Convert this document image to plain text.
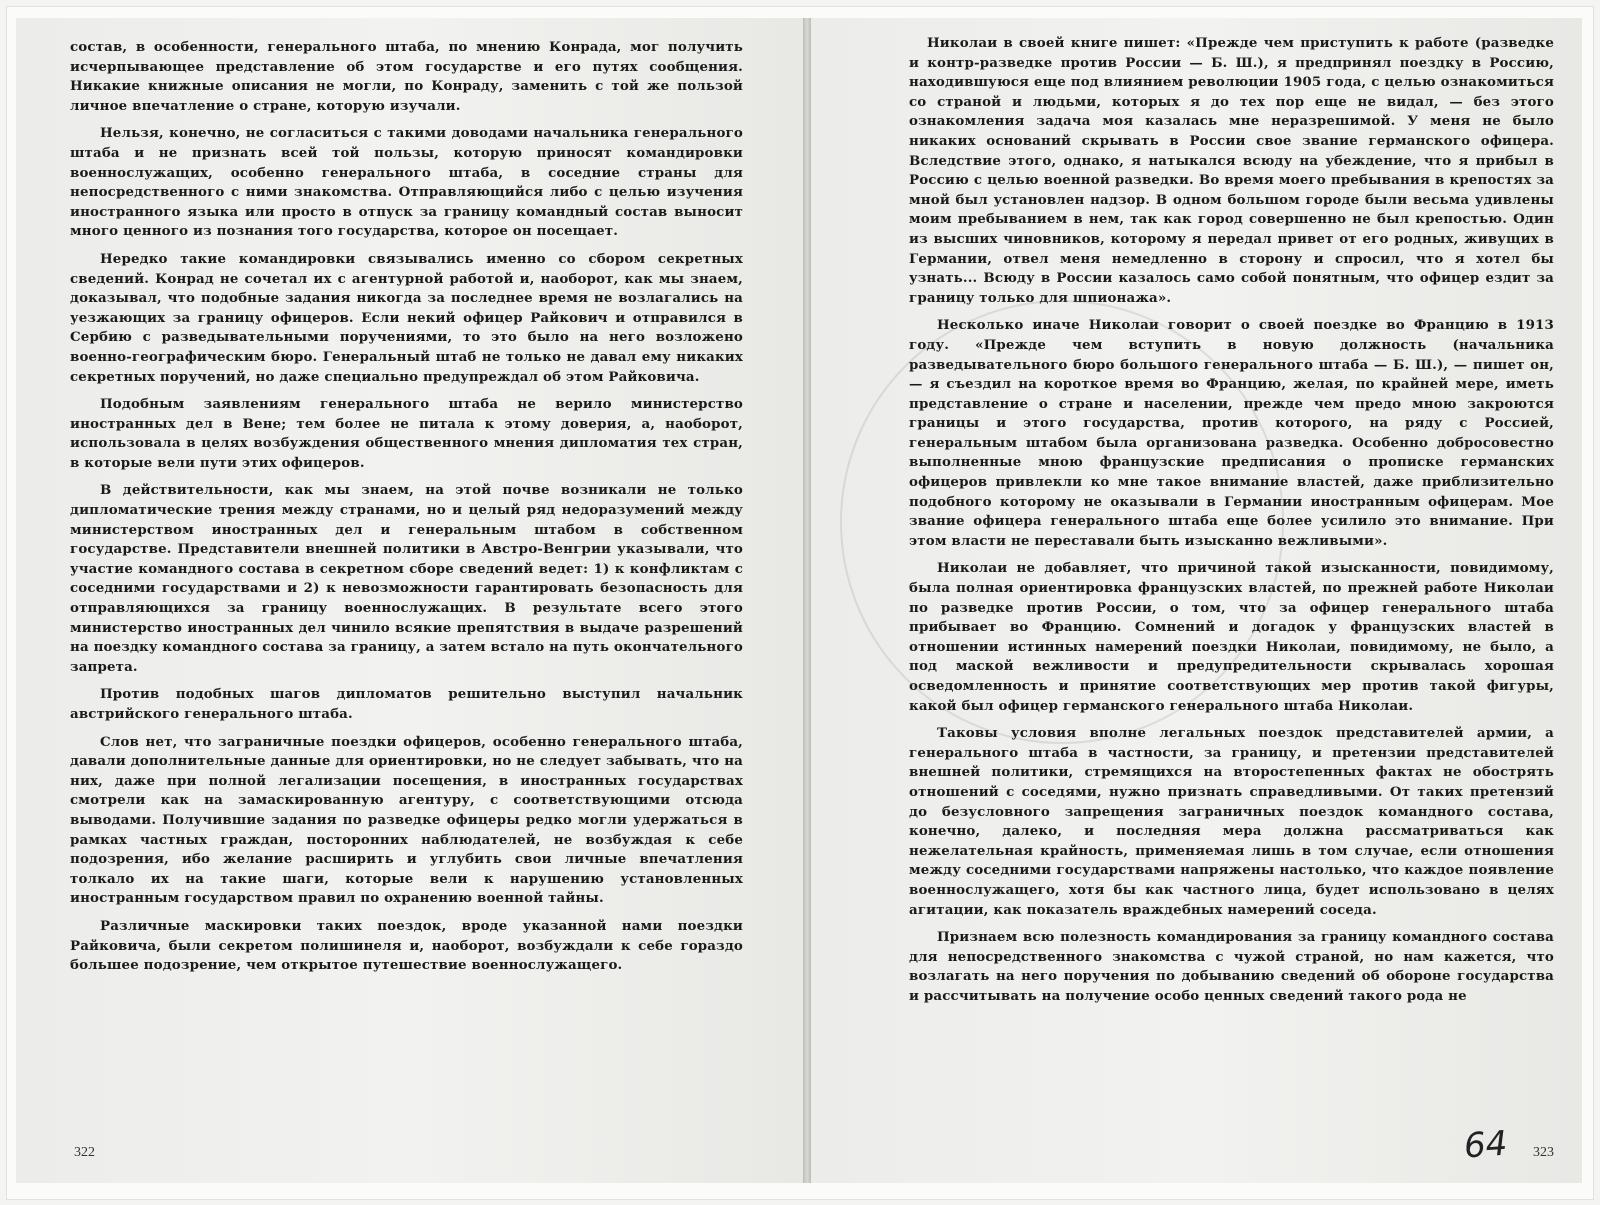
состав, в особенности, генерального штаба, по мнению Конрада, мог получить исчерпывающее представление об этом государстве и его путях сообщения. Никакие книжные описания не могли, по Конраду, заменить с той же пользой личное впечатление о стране, которую изучали.

Нельзя, конечно, не согласиться с такими доводами начальника генерального штаба и не признать всей той пользы, которую приносят командировки военнослужащих, особенно генерального штаба, в соседние страны для непосредственного с ними знакомства. Отправляющийся либо с целью изучения иностранного языка или просто в отпуск за границу командный состав выносит много ценного из познания того государства, которое он посещает.

Нередко такие командировки связывались именно со сбором секретных сведений. Конрад не сочетал их с агентурной работой и, наоборот, как мы знаем, доказывал, что подобные задания никогда за последнее время не возлагались на уезжающих за границу офицеров. Если некий офицер Райкович и отправился в Сербию с разведывательными поручениями, то это было на него возложено военно-географическим бюро. Генеральный штаб не только не давал ему никаких секретных поручений, но даже специально предупреждал об этом Райковича.

Подобным заявлениям генерального штаба не верило министерство иностранных дел в Вене; тем более не питала к этому доверия, а, наоборот, использовала в целях возбуждения общественного мнения дипломатия тех стран, в которые вели пути этих офицеров.

В действительности, как мы знаем, на этой почве возникали не только дипломатические трения между странами, но и целый ряд недоразумений между министерством иностранных дел и генеральным штабом в собственном государстве. Представители внешней политики в Австро-Венгрии указывали, что участие командного состава в секретном сборе сведений ведет: 1) к конфликтам с соседними государствами и 2) к невозможности гарантировать безопасность для отправляющихся за границу военнослужащих. В результате всего этого министерство иностранных дел чинило всякие препятствия в выдаче разрешений на поездку командного состава за границу, а затем встало на путь окончательного запрета.

Против подобных шагов дипломатов решительно выступил начальник австрийского генерального штаба.

Слов нет, что заграничные поездки офицеров, особенно генерального штаба, давали дополнительные данные для ориентировки, но не следует забывать, что на них, даже при полной легализации посещения, в иностранных государствах смотрели как на замаскированную агентуру, с соответствующими отсюда выводами. Получившие задания по разведке офицеры редко могли удержаться в рамках частных граждан, посторонних наблюдателей, не возбуждая к себе подозрения, ибо желание расширить и углубить свои личные впечатления толкало их на такие шаги, которые вели к нарушению установленных иностранным государством правил по охранению военной тайны.

Различные маскировки таких поездок, вроде указанной нами поездки Райковича, были секретом полишинеля и, наоборот, возбуждали к себе гораздо большее подозрение, чем открытое путешествие военнослужащего.

322

Николаи в своей книге пишет: «Прежде чем приступить к работе (разведке и контр-разведке против России — Б. Ш.), я предпринял поездку в Россию, находившуюся еще под влиянием революции 1905 года, с целью ознакомиться со страной и людьми, которых я до тех пор еще не видал, — без этого ознакомления задача моя казалась мне неразрешимой. У меня не было никаких оснований скрывать в России свое звание германского офицера. Вследствие этого, однако, я натыкался всюду на убеждение, что я прибыл в Россию с целью военной разведки. Во время моего пребывания в крепостях за мной был установлен надзор. В одном большом городе были весьма удивлены моим пребыванием в нем, так как город совершенно не был крепостью. Один из высших чиновников, которому я передал привет от его родных, живущих в Германии, отвел меня немедленно в сторону и спросил, что я хотел бы узнать... Всюду в России казалось само собой понятным, что офицер ездит за границу только для шпионажа».

Несколько иначе Николаи говорит о своей поездке во Францию в 1913 году. «Прежде чем вступить в новую должность (начальника разведывательного бюро большого генерального штаба — Б. Ш.), — пишет он, — я съездил на короткое время во Францию, желая, по крайней мере, иметь представление о стране и населении, прежде чем предо мною закроются границы и этого государства, против которого, на ряду с Россией, генеральным штабом была организована разведка. Особенно добросовестно выполненные мною французские предписания о прописке германских офицеров привлекли ко мне такое внимание властей, даже приблизительно подобного которому не оказывали в Германии иностранным офицерам. Мое звание офицера генерального штаба еще более усилило это внимание. При этом власти не переставали быть изысканно вежливыми».

Николаи не добавляет, что причиной такой изысканности, повидимому, была полная ориентировка французских властей, по прежней работе Николаи по разведке против России, о том, что за офицер генерального штаба прибывает во Францию. Сомнений и догадок у французских властей в отношении истинных намерений поездки Николаи, повидимому, не было, а под маской вежливости и предупредительности скрывалась хорошая осведомленность и принятие соответствующих мер против такой фигуры, какой был офицер германского генерального штаба Николаи.

Таковы условия вполне легальных поездок представителей армии, а генерального штаба в частности, за границу, и претензии представителей внешней политики, стремящихся на второстепенных фактах не обострять отношений с соседями, нужно признать справедливыми. От таких претензий до безусловного запрещения заграничных поездок командного состава, конечно, далеко, и последняя мера должна рассматриваться как нежелательная крайность, применяемая лишь в том случае, если отношения между соседними государствами напряжены настолько, что каждое появление военнослужащего, хотя бы как частного лица, будет использовано в целях агитации, как показатель враждебных намерений соседа.

Признаем всю полезность командирования за границу командного состава для непосредственного знакомства с чужой страной, но нам кажется, что возлагать на него поручения по добыванию сведений об обороне государства и рассчитывать на получение особо ценных сведений такого рода не

323
64
